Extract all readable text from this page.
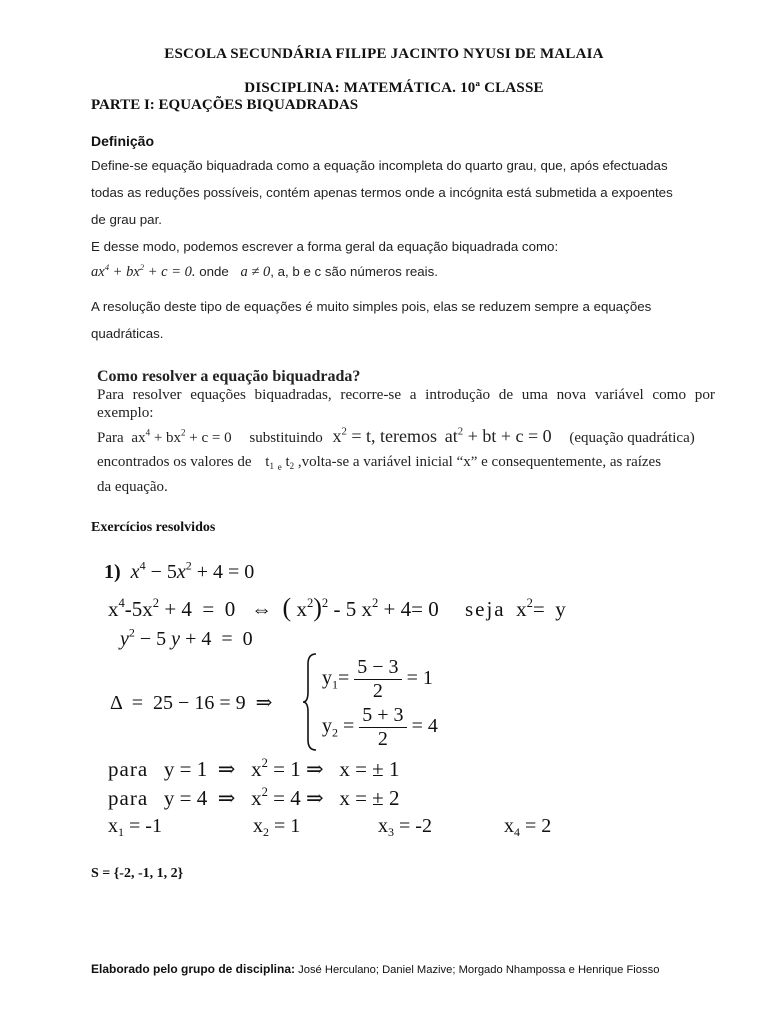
ESCOLA SECUNDÁRIA FILIPE JACINTO NYUSI DE MALAIA
DISCIPLINA: MATEMÁTICA. 10ª CLASSE
PARTE I: EQUAÇÕES BIQUADRADAS
Definição
Define-se equação biquadrada como a equação incompleta do quarto grau, que, após efectuadas
todas as reduções possíveis, contém apenas termos onde a incógnita está submetida a expoentes
de grau par.
E desse modo, podemos escrever a forma geral da equação biquadrada como:
$ax^4 + bx^2 + c = 0$. onde a ≠ 0, a, b e c são números reais.
A resolução deste tipo de equações é muito simples pois, elas se reduzem sempre a equações
quadráticas.
Como resolver a equação biquadrada?
Para resolver equações biquadradas, recorre-se a introdução de uma nova variável como por
exemplo:
Para $ax^4 + bx^2 + c = 0$ substituindo $x^2 = t$, teremos $at^2$ + bt + c = 0 (equação quadrática)
encontrados os valores de $t_1$ $_e$ $t_2$ ,volta-se a variável inicial “x” e consequentemente, as raízes
da equação.
Exercícios resolvidos
1) $x^4 - 5x^2 + 4 = 0$
$x^4-5x^2 + 4 = 0$   ⇔  ( $x^2)^2 - 5$ $x^2 + 4= 0$     seja  $x^2= y$
$y^2 - 5$ y + 4  =  0
Δ  =  25 − 16 = 9  ⇒
$y_1= \frac{5 - 3}{2} = 1$
$y_2 = \frac{5 + 3}{2} = 4$
para   y = 1  ⇒   $x^2 = 1$ ⇒   x = ± 1
para   y = 4  ⇒   $x^2 = 4$ ⇒   x = ± 2
$x_1 = -1$	$x_2 = 1$	$x_3 = -2$	$x_4 = 2$
S = {-2, -1, 1, 2}
Elaborado pelo grupo de disciplina: José Herculano; Daniel Mazive; Morgado Nhampossa e Henrique Fiosso
